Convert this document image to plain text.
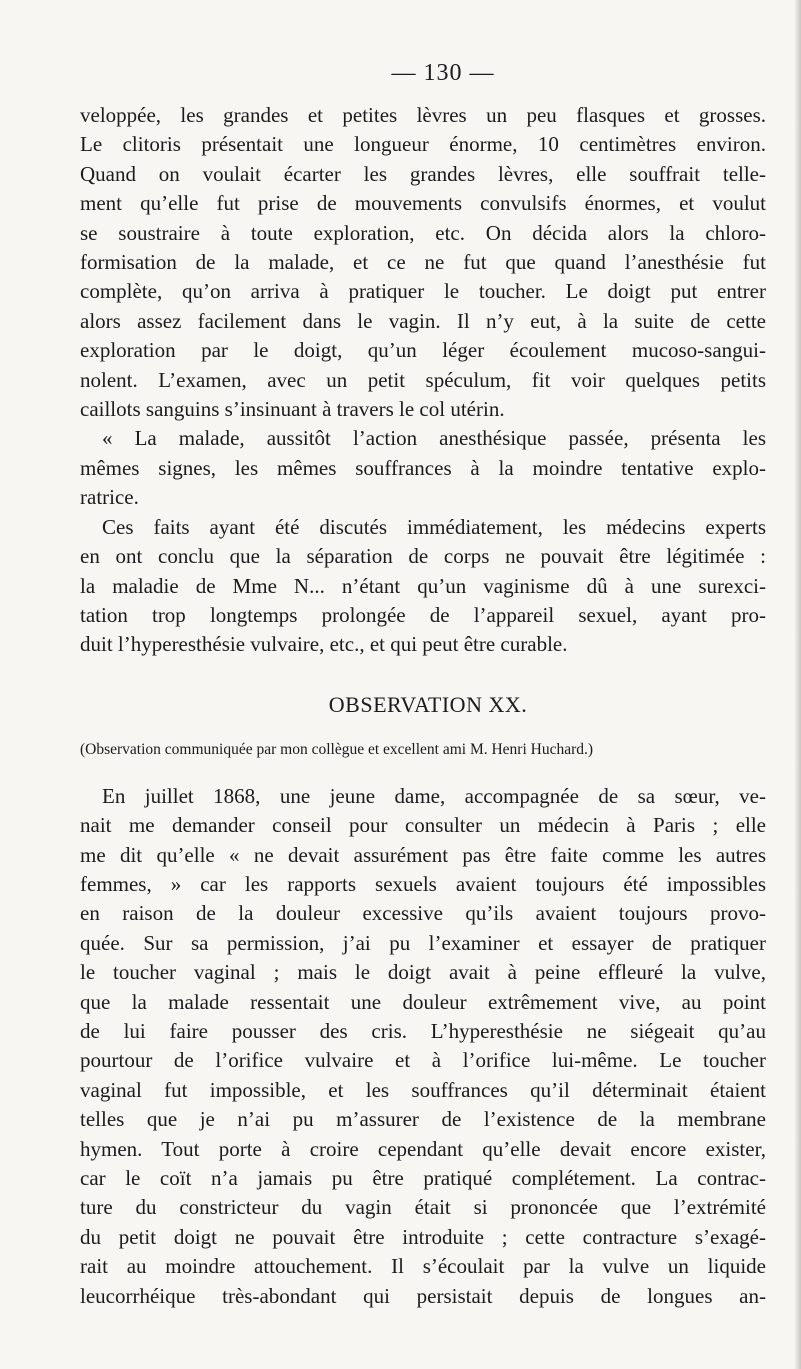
— 130 —

veloppée, les grandes et petites lèvres un peu flasques et grosses.

Le clitoris présentait une longueur énorme, 10 centimètres environ.

Quand on voulait écarter les grandes lèvres, elle souffrait telle-

ment qu’elle fut prise de mouvements convulsifs énormes, et voulut

se soustraire à toute exploration, etc. On décida alors la chloro-

formisation de la malade, et ce ne fut que quand l’anesthésie fut

complète, qu’on arriva à pratiquer le toucher. Le doigt put entrer

alors assez facilement dans le vagin. Il n’y eut, à la suite de cette

exploration par le doigt, qu’un léger écoulement mucoso-sangui-

nolent. L’examen, avec un petit spéculum, fit voir quelques petits

caillots sanguins s’insinuant à travers le col utérin.

« La malade, aussitôt l’action anesthésique passée, présenta les

mêmes signes, les mêmes souffrances à la moindre tentative explo-

ratrice.

Ces faits ayant été discutés immédiatement, les médecins experts

en ont conclu que la séparation de corps ne pouvait être légitimée :

la maladie de Mme N... n’étant qu’un vaginisme dû à une surexci-

tation trop longtemps prolongée de l’appareil sexuel, ayant pro-

duit l’hyperesthésie vulvaire, etc., et qui peut être curable.

OBSERVATION XX.
(Observation communiquée par mon collègue et excellent ami M. Henri Huchard.)

En juillet 1868, une jeune dame, accompagnée de sa sœur, ve-

nait me demander conseil pour consulter un médecin à Paris ; elle

me dit qu’elle « ne devait assurément pas être faite comme les autres

femmes, » car les rapports sexuels avaient toujours été impossibles

en raison de la douleur excessive qu’ils avaient toujours provo-

quée. Sur sa permission, j’ai pu l’examiner et essayer de pratiquer

le toucher vaginal ; mais le doigt avait à peine effleuré la vulve,

que la malade ressentait une douleur extrêmement vive, au point

de lui faire pousser des cris. L’hyperesthésie ne siégeait qu’au

pourtour de l’orifice vulvaire et à l’orifice lui-même. Le toucher

vaginal fut impossible, et les souffrances qu’il déterminait étaient

telles que je n’ai pu m’assurer de l’existence de la membrane

hymen. Tout porte à croire cependant qu’elle devait encore exister,

car le coït n’a jamais pu être pratiqué complétement. La contrac-

ture du constricteur du vagin était si prononcée que l’extrémité

du petit doigt ne pouvait être introduite ; cette contracture s’exagé-

rait au moindre attouchement. Il s’écoulait par la vulve un liquide

leucorrhéique très-abondant qui persistait depuis de longues an-
